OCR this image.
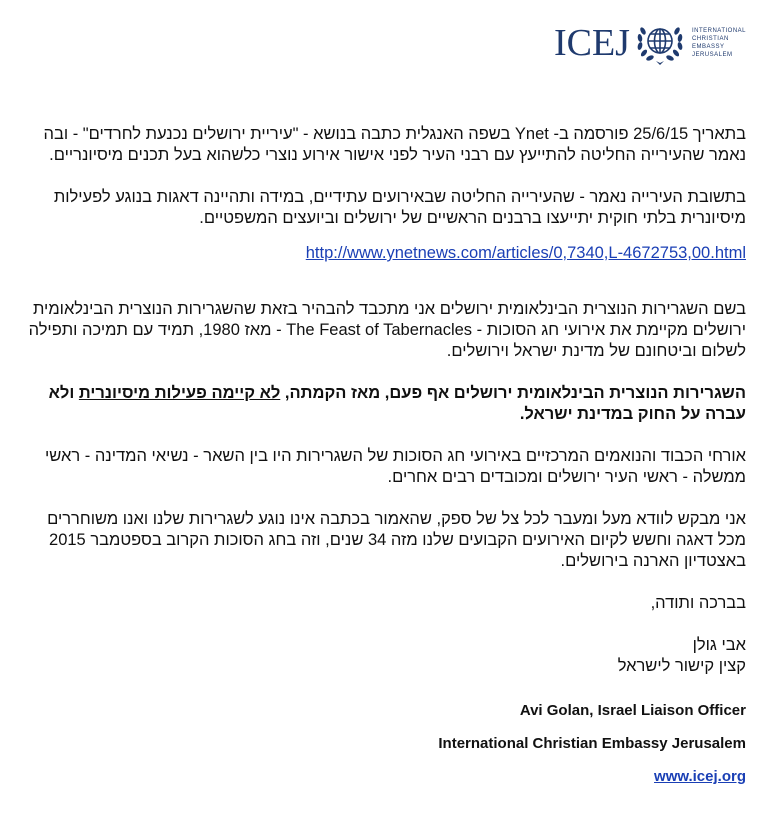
ICEJ	INTERNATIONAL
CHRISTIAN
EMBASSY
JERUSALEM

בתאריך 25/6/15 פורסמה ב- Ynet בשפה האנגלית כתבה בנושא - "עיריית ירושלים נכנעת לחרדים" - ובה נאמר שהעירייה החליטה להתייעץ עם רבני העיר לפני אישור אירוע נוצרי כלשהוא בעל תכנים מיסיונריים.

בתשובת העירייה נאמר - שהעירייה החליטה שבאירועים עתידיים, במידה ותהיינה דאגות בנוגע לפעילות מיסיונרית בלתי חוקית יתייעצו ברבנים הראשיים של ירושלים וביועצים המשפטיים.

http://www.ynetnews.com/articles/0,7340,L-4672753,00.html

בשם השגרירות הנוצרית הבינלאומית ירושלים אני מתכבד להבהיר בזאת שהשגרירות הנוצרית הבינלאומית ירושלים מקיימת את אירועי חג הסוכות - The Feast of Tabernacles - מאז 1980, תמיד עם תמיכה ותפילה לשלום וביטחונם של מדינת ישראל וירושלים.

השגרירות הנוצרית הבינלאומית ירושלים אף פעם, מאז הקמתה, לא קיימה פעילות מיסיונרית ולא עברה על החוק במדינת ישראל.

אורחי הכבוד והנואמים המרכזיים באירועי חג הסוכות של השגרירות היו בין השאר - נשיאי המדינה - ראשי ממשלה - ראשי העיר ירושלים ומכובדים רבים אחרים.

אני מבקש לוודא מעל ומעבר לכל צל של ספק, שהאמור בכתבה אינו נוגע לשגרירות שלנו ואנו משוחררים מכל דאגה וחשש לקיום האירועים הקבועים שלנו מזה 34 שנים, וזה בחג הסוכות הקרוב בספטמבר 2015 באצטדיון הארנה בירושלים.

בברכה ותודה,

אבי גולן
קצין קישור לישראל

Avi Golan, Israel Liaison Officer
International Christian Embassy Jerusalem
www.icej.org
